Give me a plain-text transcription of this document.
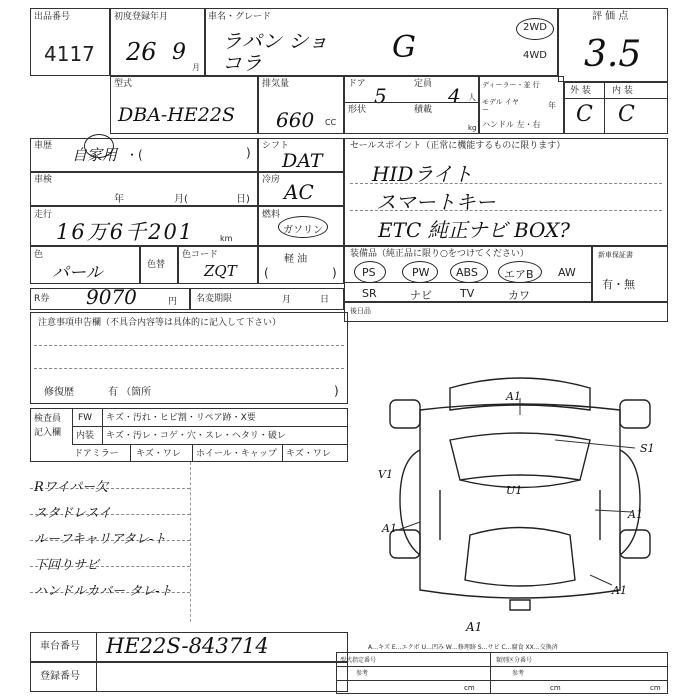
出品番号
4117
初度登録年月
26 9
月
車名・グレード
ラパン ショコラ	G
2WD
4WD
評 価 点
3.5
型式
DBA-HE22S
排気量
660 CC
ドア 5	定員 4 人
形状	積載
kg
ディーラー・並 行
モデル イヤー	年
ハンドル 左・右
外 装 内 装
C C
車歴 自家用 ・(	) シフト
DAT
車検
年	月(	日)
冷房 AC
走行
16万6千201	km
燃料
ガソリン
色
パール	色替
色コード
ZQT
軽 油
(	)
R券 9070	円 名変期限	月	日
注意事項申告欄（不具合内容等は具体的に記入して下さい）
修復歴	有 （箇所	)
セールスポイント（正常に機能するものに限ります）
HIDライト
スマートキー
ETC 純正ナビ BOX?
装備品（純正品に限り○をつけてください）
PS	PW ABS エアB AW
SR	ナビ	TV	カワ
新車保証書
有・無
後日品
検査員
記入欄
FW キズ・汚れ・ヒビ割・リペア跡・X要
内装 キズ・汚レ・コゲ・穴・スレ・ヘタリ・破レ
ドアミラー キズ・ワレ ホイール・キャップ キズ・ワレ
Rワイパー欠
スタドレスイ
ルーフキャリアタレ-ト
下回りサビ
ハンドルカバー タレ-ト
A1
S1
V1
U1
A1
A1
A1
A1
車台番号 HE22S-843714
登録番号
A…キズ E…エクボ U…凹み W…修理跡 S…サビ C…腐食 XX…交換済
型式指定番号
参考
類別区分番号
参考
cm	cm	cm
